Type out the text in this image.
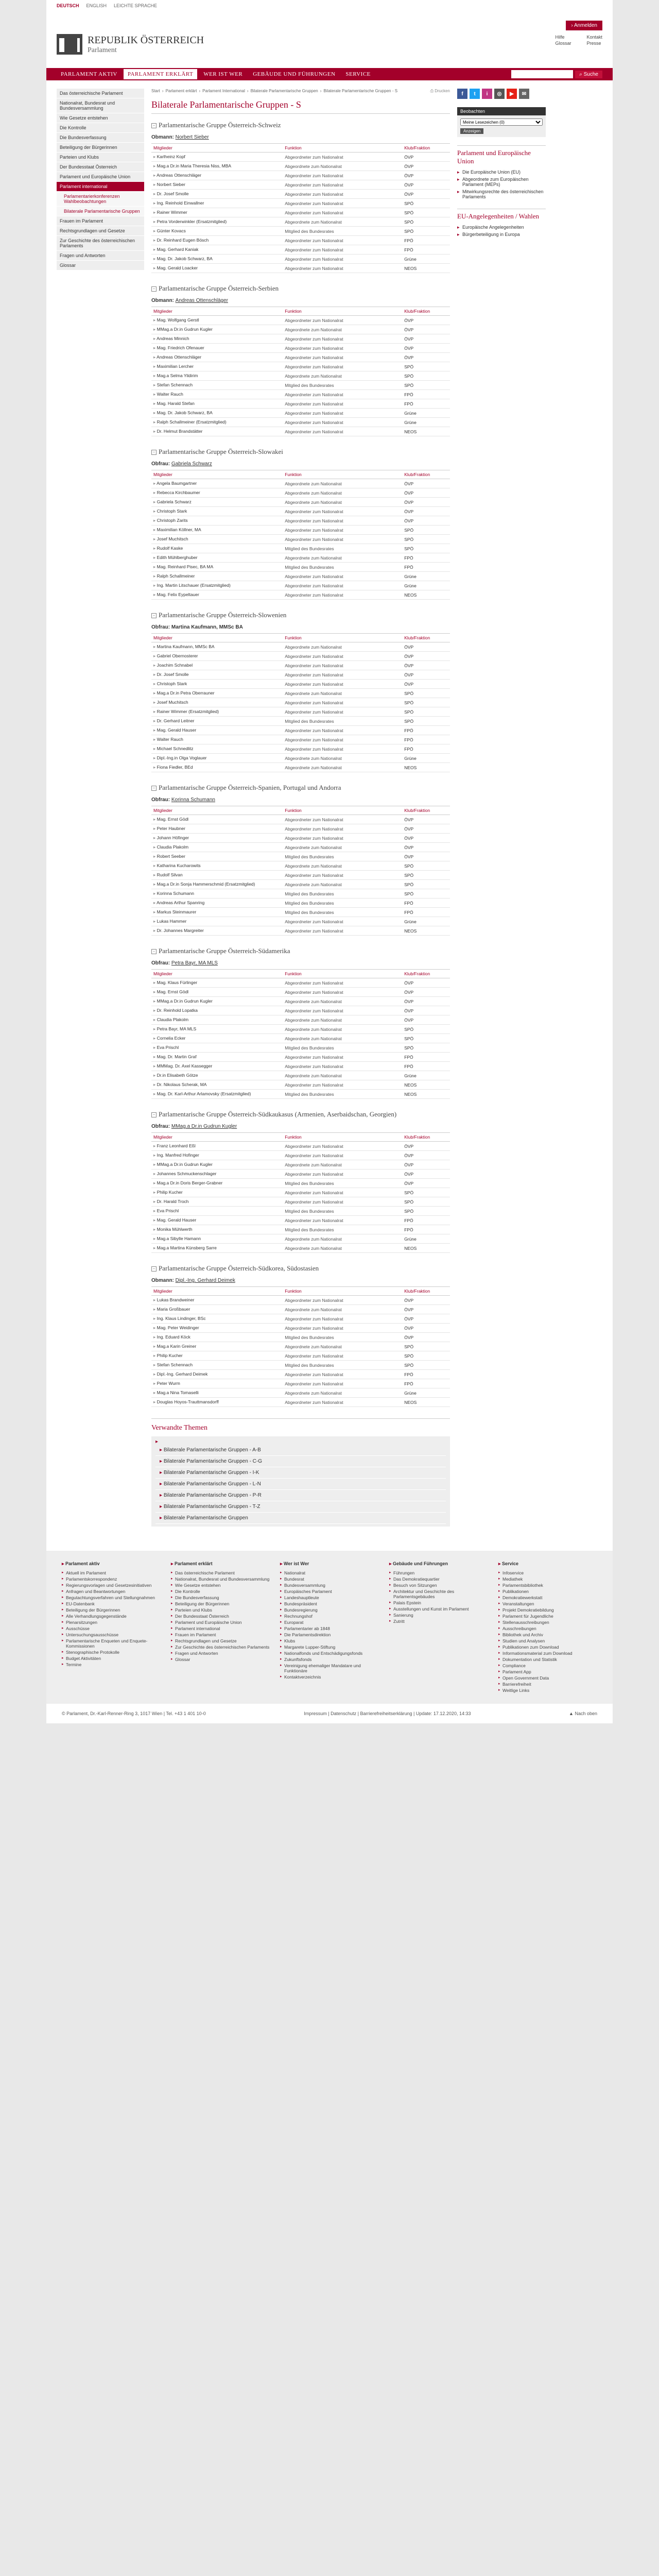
DEUTSCH ENGLISH LEICHTE SPRACHE
REPUBLIK ÖSTERREICH
Parlament
› Anmelden
Hilfe	Kontakt
Glossar	Presse
PARLAMENT AKTIV	PARLAMENT ERKLÄRT	WER IST WER	GEBÄUDE UND FÜHRUNGEN	SERVICE	⌕ Suche
Das österreichische Parlament
Nationalrat, Bundesrat und Bundesversammlung
Wie Gesetze entstehen
Die Kontrolle
Die Bundesverfassung
Beteiligung der Bürgerinnen
Parteien und Klubs
Der Bundesstaat Österreich
Parlament und Europäische Union
Parlament international
Parlamentarierkonferenzen Wahlbeobachtungen
Bilaterale Parlamentarische Gruppen
Frauen im Parlament
Rechtsgrundlagen und Gesetze
Zur Geschichte des österreichischen Parlaments
Fragen und Antworten
Glossar
⎙ Drucken
Start › Parlament erklärt › Parlament International › Bilaterale Parlamentarische Gruppen › Bilaterale Parlamentarische Gruppen - S
Bilaterale Parlamentarische Gruppen - S
− Parlamentarische Gruppe Österreich-Schweiz
Obmann: Norbert Sieber
Mitglieder	Funktion	Klub/Fraktion
▸ Karlheinz Kopf	Abgeordneter zum Nationalrat	ÖVP
▸ Mag.a Dr.in Maria Theresia Niss, MBA	Abgeordnete zum Nationalrat	ÖVP
▸ Andreas Ottenschläger	Abgeordneter zum Nationalrat	ÖVP
▸ Norbert Sieber	Abgeordneter zum Nationalrat	ÖVP
▸ Dr. Josef Smolle	Abgeordneter zum Nationalrat	ÖVP
▸ Ing. Reinhold Einwallner	Abgeordneter zum Nationalrat	SPÖ
▸ Rainer Wimmer	Abgeordneter zum Nationalrat	SPÖ
▸ Petra Vorderwinkler (Ersatzmitglied)	Abgeordnete zum Nationalrat	SPÖ
▸ Günter Kovacs	Mitglied des Bundesrates	SPÖ
▸ Dr. Reinhard Eugen Bösch	Abgeordneter zum Nationalrat	FPÖ
▸ Mag. Gerhard Kaniak	Abgeordneter zum Nationalrat	FPÖ
▸ Mag. Dr. Jakob Schwarz, BA	Abgeordneter zum Nationalrat	Grüne
▸ Mag. Gerald Loacker	Abgeordneter zum Nationalrat	NEOS
− Parlamentarische Gruppe Österreich-Serbien
Obmann: Andreas Ottenschläger
Mitglieder	Funktion	Klub/Fraktion
▸ Mag. Wolfgang Gerstl	Abgeordneter zum Nationalrat	ÖVP
▸ MMag.a Dr.in Gudrun Kugler	Abgeordnete zum Nationalrat	ÖVP
▸ Andreas Minnich	Abgeordneter zum Nationalrat	ÖVP
▸ Mag. Friedrich Ofenauer	Abgeordneter zum Nationalrat	ÖVP
▸ Andreas Ottenschläger	Abgeordneter zum Nationalrat	ÖVP
▸ Maximilian Lercher	Abgeordneter zum Nationalrat	SPÖ
▸ Mag.a Selma Yildirim	Abgeordnete zum Nationalrat	SPÖ
▸ Stefan Schennach	Mitglied des Bundesrates	SPÖ
▸ Walter Rauch	Abgeordneter zum Nationalrat	FPÖ
▸ Mag. Harald Stefan	Abgeordneter zum Nationalrat	FPÖ
▸ Mag. Dr. Jakob Schwarz, BA	Abgeordneter zum Nationalrat	Grüne
▸ Ralph Schallmeiner (Ersatzmitglied)	Abgeordneter zum Nationalrat	Grüne
▸ Dr. Helmut Brandstätter	Abgeordneter zum Nationalrat	NEOS
− Parlamentarische Gruppe Österreich-Slowakei
Obfrau: Gabriela Schwarz
Mitglieder	Funktion	Klub/Fraktion
▸ Angela Baumgartner	Abgeordnete zum Nationalrat	ÖVP
▸ Rebecca Kirchbaumer	Abgeordnete zum Nationalrat	ÖVP
▸ Gabriela Schwarz	Abgeordnete zum Nationalrat	ÖVP
▸ Christoph Stark	Abgeordneter zum Nationalrat	ÖVP
▸ Christoph Zarits	Abgeordneter zum Nationalrat	ÖVP
▸ Maximilian Köllner, MA	Abgeordneter zum Nationalrat	SPÖ
▸ Josef Muchitsch	Abgeordneter zum Nationalrat	SPÖ
▸ Rudolf Kaske	Mitglied des Bundesrates	SPÖ
▸ Edith Mühlberghuber	Abgeordnete zum Nationalrat	FPÖ
▸ Mag. Reinhard Pisec, BA MA	Mitglied des Bundesrates	FPÖ
▸ Ralph Schallmeiner	Abgeordneter zum Nationalrat	Grüne
▸ Ing. Martin Litschauer (Ersatzmitglied)	Abgeordneter zum Nationalrat	Grüne
▸ Mag. Felix Eypeltauer	Abgeordneter zum Nationalrat	NEOS
− Parlamentarische Gruppe Österreich-Slowenien
Obfrau: Martina Kaufmann, MMSc BA
Mitglieder	Funktion	Klub/Fraktion
▸ Martina Kaufmann, MMSc BA	Abgeordnete zum Nationalrat	ÖVP
▸ Gabriel Obernosterer	Abgeordneter zum Nationalrat	ÖVP
▸ Joachim Schnabel	Abgeordneter zum Nationalrat	ÖVP
▸ Dr. Josef Smolle	Abgeordneter zum Nationalrat	ÖVP
▸ Christoph Stark	Abgeordneter zum Nationalrat	ÖVP
▸ Mag.a Dr.in Petra Oberrauner	Abgeordnete zum Nationalrat	SPÖ
▸ Josef Muchitsch	Abgeordneter zum Nationalrat	SPÖ
▸ Rainer Wimmer (Ersatzmitglied)	Abgeordneter zum Nationalrat	SPÖ
▸ Dr. Gerhard Leitner	Mitglied des Bundesrates	SPÖ
▸ Mag. Gerald Hauser	Abgeordneter zum Nationalrat	FPÖ
▸ Walter Rauch	Abgeordneter zum Nationalrat	FPÖ
▸ Michael Schnedlitz	Abgeordneter zum Nationalrat	FPÖ
▸ Dipl.-Ing.in Olga Voglauer	Abgeordnete zum Nationalrat	Grüne
▸ Fiona Fiedler, BEd	Abgeordnete zum Nationalrat	NEOS
− Parlamentarische Gruppe Österreich-Spanien, Portugal und Andorra
Obfrau: Korinna Schumann
Mitglieder	Funktion	Klub/Fraktion
▸ Mag. Ernst Gödl	Abgeordneter zum Nationalrat	ÖVP
▸ Peter Haubner	Abgeordneter zum Nationalrat	ÖVP
▸ Johann Höfinger	Abgeordneter zum Nationalrat	ÖVP
▸ Claudia Plakolm	Abgeordnete zum Nationalrat	ÖVP
▸ Robert Seeber	Mitglied des Bundesrates	ÖVP
▸ Katharina Kucharowits	Abgeordnete zum Nationalrat	SPÖ
▸ Rudolf Silvan	Abgeordneter zum Nationalrat	SPÖ
▸ Mag.a Dr.in Sonja Hammerschmid (Ersatzmitglied)	Abgeordnete zum Nationalrat	SPÖ
▸ Korinna Schumann	Mitglied des Bundesrates	SPÖ
▸ Andreas Arthur Spanring	Mitglied des Bundesrates	FPÖ
▸ Markus Steinmaurer	Mitglied des Bundesrates	FPÖ
▸ Lukas Hammer	Abgeordneter zum Nationalrat	Grüne
▸ Dr. Johannes Margreiter	Abgeordneter zum Nationalrat	NEOS
− Parlamentarische Gruppe Österreich-Südamerika
Obfrau: Petra Bayr, MA MLS
Mitglieder	Funktion	Klub/Fraktion
▸ Mag. Klaus Fürlinger	Abgeordneter zum Nationalrat	ÖVP
▸ Mag. Ernst Gödl	Abgeordneter zum Nationalrat	ÖVP
▸ MMag.a Dr.in Gudrun Kugler	Abgeordnete zum Nationalrat	ÖVP
▸ Dr. Reinhold Lopatka	Abgeordneter zum Nationalrat	ÖVP
▸ Claudia Plakolm	Abgeordnete zum Nationalrat	ÖVP
▸ Petra Bayr, MA MLS	Abgeordnete zum Nationalrat	SPÖ
▸ Cornelia Ecker	Abgeordnete zum Nationalrat	SPÖ
▸ Eva Prischl	Mitglied des Bundesrates	SPÖ
▸ Mag. Dr. Martin Graf	Abgeordneter zum Nationalrat	FPÖ
▸ MMMag. Dr. Axel Kassegger	Abgeordneter zum Nationalrat	FPÖ
▸ Dr.in Elisabeth Götze	Abgeordnete zum Nationalrat	Grüne
▸ Dr. Nikolaus Scherak, MA	Abgeordneter zum Nationalrat	NEOS
▸ Mag. Dr. Karl-Arthur Arlamovsky (Ersatzmitglied)	Mitglied des Bundesrates	NEOS
− Parlamentarische Gruppe Österreich-Südkaukasus (Armenien, Aserbaidschan, Georgien)
Obfrau: MMag.a Dr.in Gudrun Kugler
Mitglieder	Funktion	Klub/Fraktion
▸ Franz Leonhard Eßl	Abgeordneter zum Nationalrat	ÖVP
▸ Ing. Manfred Hofinger	Abgeordneter zum Nationalrat	ÖVP
▸ MMag.a Dr.in Gudrun Kugler	Abgeordnete zum Nationalrat	ÖVP
▸ Johannes Schmuckenschlager	Abgeordneter zum Nationalrat	ÖVP
▸ Mag.a Dr.in Doris Berger-Grabner	Mitglied des Bundesrates	ÖVP
▸ Philip Kucher	Abgeordneter zum Nationalrat	SPÖ
▸ Dr. Harald Troch	Abgeordneter zum Nationalrat	SPÖ
▸ Eva Prischl	Mitglied des Bundesrates	SPÖ
▸ Mag. Gerald Hauser	Abgeordneter zum Nationalrat	FPÖ
▸ Monika Mühlwerth	Mitglied des Bundesrates	FPÖ
▸ Mag.a Sibylle Hamann	Abgeordnete zum Nationalrat	Grüne
▸ Mag.a Martina Künsberg Sarre	Abgeordnete zum Nationalrat	NEOS
− Parlamentarische Gruppe Österreich-Südkorea, Südostasien
Obmann: Dipl.-Ing. Gerhard Deimek
Mitglieder	Funktion	Klub/Fraktion
▸ Lukas Brandweiner	Abgeordneter zum Nationalrat	ÖVP
▸ Maria Großbauer	Abgeordnete zum Nationalrat	ÖVP
▸ Ing. Klaus Lindinger, BSc	Abgeordneter zum Nationalrat	ÖVP
▸ Mag. Peter Weidinger	Abgeordneter zum Nationalrat	ÖVP
▸ Ing. Eduard Köck	Mitglied des Bundesrates	ÖVP
▸ Mag.a Karin Greiner	Abgeordnete zum Nationalrat	SPÖ
▸ Philip Kucher	Abgeordneter zum Nationalrat	SPÖ
▸ Stefan Schennach	Mitglied des Bundesrates	SPÖ
▸ Dipl.-Ing. Gerhard Deimek	Abgeordneter zum Nationalrat	FPÖ
▸ Peter Wurm	Abgeordneter zum Nationalrat	FPÖ
▸ Mag.a Nina Tomaselli	Abgeordnete zum Nationalrat	Grüne
▸ Douglas Hoyos-Trauttmansdorff	Abgeordneter zum Nationalrat	NEOS
Verwandte Themen
▸ ▸ Bilaterale Parlamentarische Gruppen - A-B
▸ Bilaterale Parlamentarische Gruppen - C-G
▸ Bilaterale Parlamentarische Gruppen - I-K
▸ Bilaterale Parlamentarische Gruppen - L-N
▸ Bilaterale Parlamentarische Gruppen - P-R
▸ Bilaterale Parlamentarische Gruppen - T-Z
▸ Bilaterale Parlamentarische Gruppen
f	t	i	◎	▶	✉
Beobachten
Meine Lesezeichen (0) Anzeigen
Parlament und Europäische Union
▸ Die Europäische Union (EU)
▸ Abgeordnete zum Europäischen Parlament (MEPs)
▸ Mitwirkungsrechte des österreichischen Parlaments
EU-Angelegenheiten / Wahlen
▸ Europäische Angelegenheiten
▸ Bürgerbeteiligung in Europa
▸ Parlament aktiv
▸ Aktuell im Parlament
▸ Parlamentskorrespondenz
▸ Regierungsvorlagen und Gesetzesinitiativen
▸ Anfragen und Beantwortungen
▸ Begutachtungsverfahren und Stellungnahmen
▸ EU-Datenbank
▸ Beteiligung der Bürgerinnen
▸ Alle Verhandlungsgegenstände
▸ Plenarsitzungen
▸ Ausschüsse
▸ Untersuchungsausschüsse
▸ Parlamentarische Enqueten und Enquete-Kommissionen
▸ Stenographische Protokolle
▸ Budget Aktivitäten
▸ Termine
▸ Parlament erklärt
▸ Das österreichische Parlament
▸ Nationalrat, Bundesrat und Bundesversammlung
▸ Wie Gesetze entstehen
▸ Die Kontrolle
▸ Die Bundesverfassung
▸ Beteiligung der Bürgerinnen
▸ Parteien und Klubs
▸ Der Bundesstaat Österreich
▸ Parlament und Europäische Union
▸ Parlament international
▸ Frauen im Parlament
▸ Rechtsgrundlagen und Gesetze
▸ Zur Geschichte des österreichischen Parlaments
▸ Fragen und Antworten
▸ Glossar
▸ Wer ist Wer
▸ Nationalrat
▸ Bundesrat
▸ Bundesversammlung
▸ Europäisches Parlament
▸ Landeshauptleute
▸ Bundespräsident
▸ Bundesregierung
▸ Rechnungshof
▸ Europarat
▸ Parlamentarier ab 1848
▸ Die Parlamentsdirektion
▸ Klubs
▸ Margarete Lupper-Stiftung
▸ Nationalfonds und Entschädigungsfonds
▸ Zukunftsfonds
▸ Vereinigung ehemaliger Mandatare und Funktionäre
▸ Kontaktverzeichnis
▸ Gebäude und Führungen
▸ Führungen
▸ Das Demokratiequartier
▸ Besuch von Sitzungen
▸ Architektur und Geschichte des Parlamentsgebäudes
▸ Palais Epstein
▸ Ausstellungen und Kunst im Parlament
▸ Sanierung
▸ Zutritt
▸ Service
▸ Infoservice
▸ Mediathek
▸ Parlamentsbibliothek
▸ Publikationen
▸ Demokratiewerkstatt
▸ Veranstaltungen
▸ Projekt Demokratiebildung
▸ Parlament für Jugendliche
▸ Stellenausschreibungen
▸ Ausschreibungen
▸ Bibliothek und Archiv
▸ Studien und Analysen
▸ Publikationen zum Download
▸ Informationsmaterial zum Download
▸ Dokumentation und Statistik
▸ Compliance
▸ Parlament App
▸ Open Government Data
▸ Barrierefreiheit
▸ Weitlige Links
© Parlament, Dr.-Karl-Renner-Ring 3, 1017 Wien | Tel. +43 1 401 10-0	Impressum | Datenschutz | Barrierefreiheitserklärung | Update: 17.12.2020, 14:33	▲ Nach oben
